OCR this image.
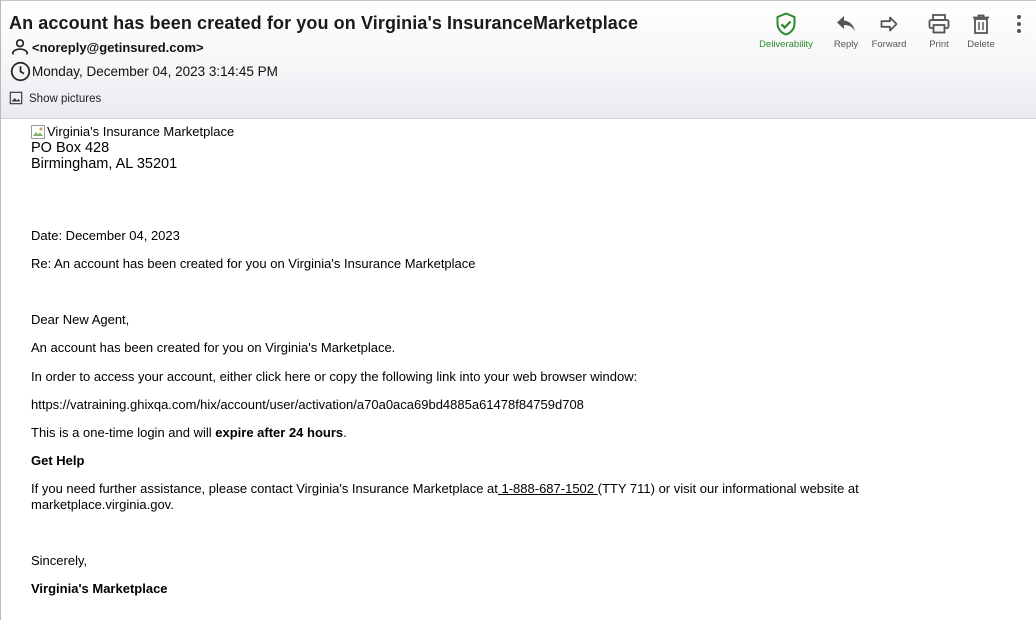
An account has been created for you on Virginia's InsuranceMarketplace
<noreply@getinsured.com>
Monday, December 04, 2023 3:14:45 PM
Show pictures
Deliverability Reply Forward Print Delete

Virginia's Insurance Marketplace

PO Box 428

Birmingham, AL 35201

Date: December 04, 2023

Re: An account has been created for you on Virginia's Insurance Marketplace

Dear New Agent,

An account has been created for you on Virginia's Marketplace.

In order to access your account, either click here or copy the following link into your web browser window:

https://vatraining.ghixqa.com/hix/account/user/activation/a70a0aca69bd4885a61478f84759d708

This is a one-time login and will expire after 24 hours.

Get Help

If you need further assistance, please contact Virginia's Insurance Marketplace at 1-888-687-1502 (TTY 711) or visit our informational website at marketplace.virginia.gov.

Sincerely,

Virginia's Marketplace
